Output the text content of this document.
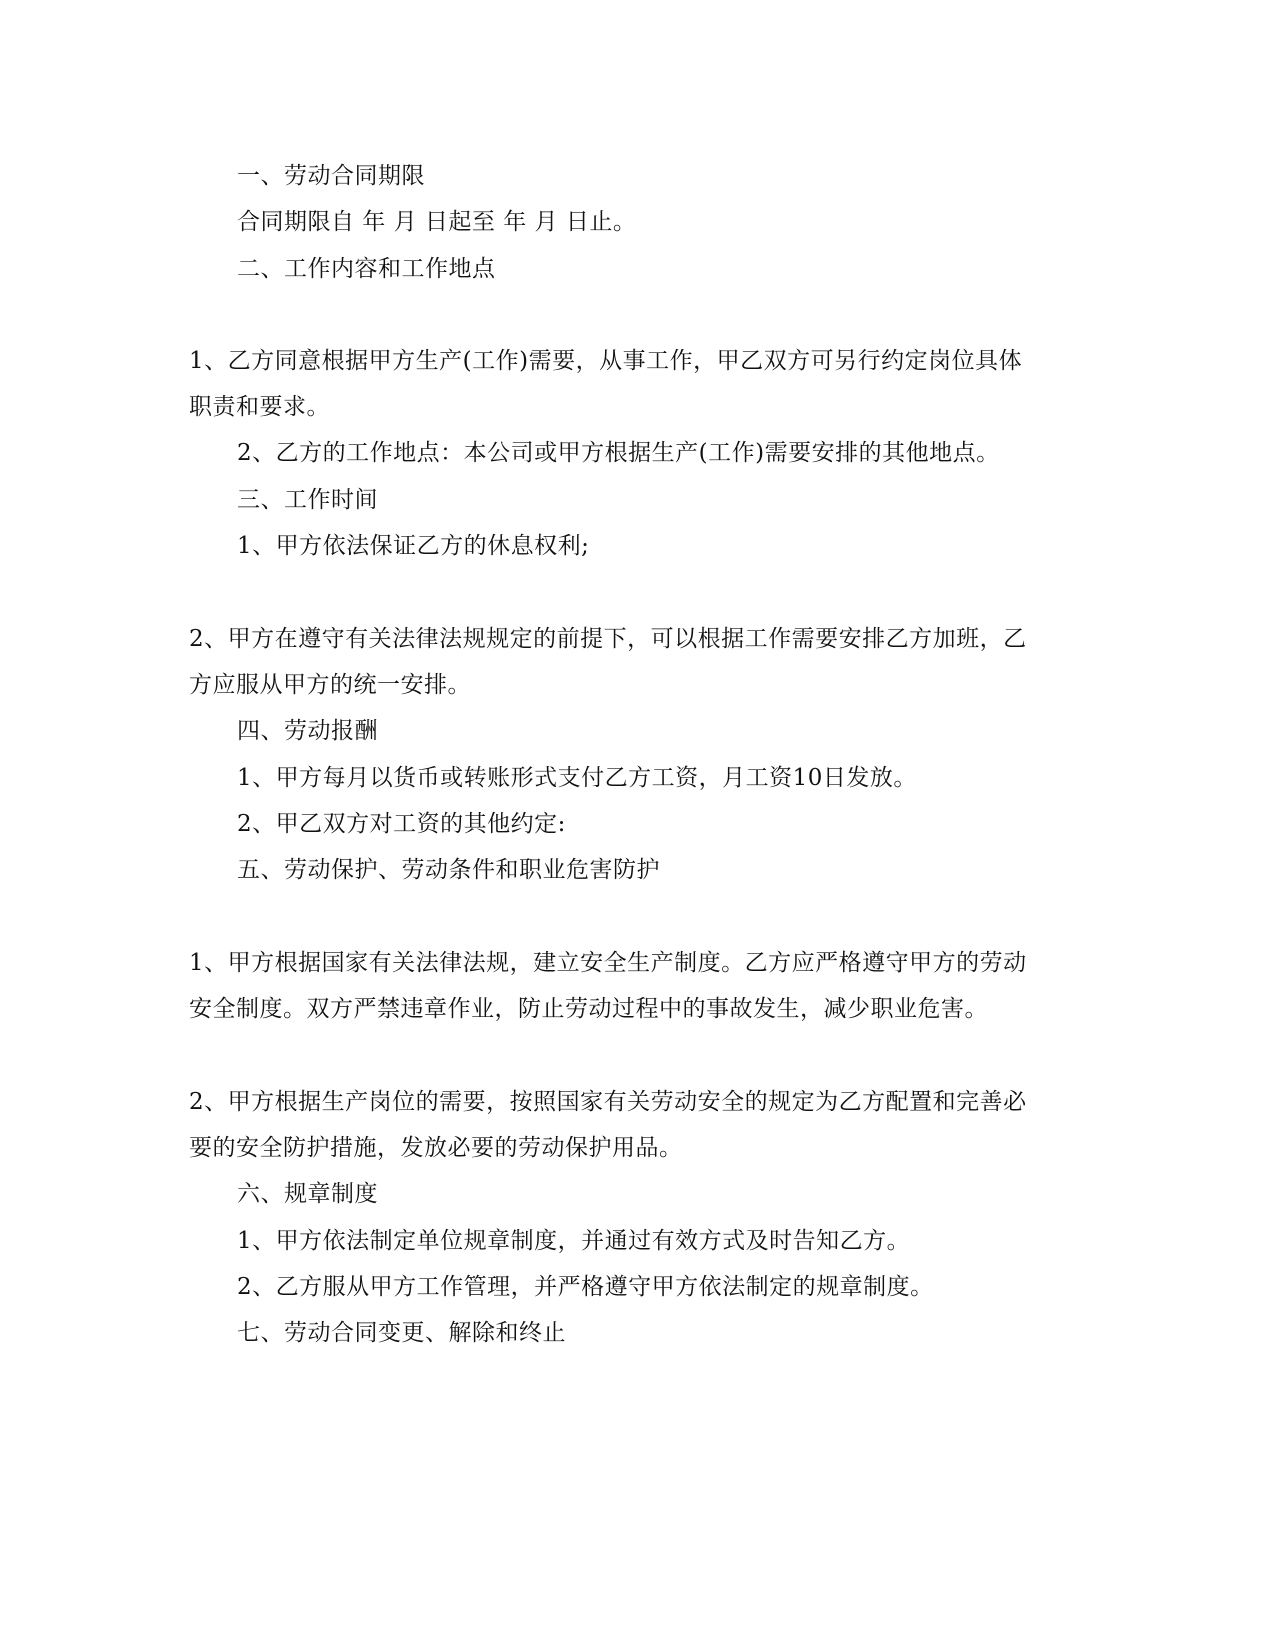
一、劳动合同期限
合同期限自 年 月 日起至 年 月 日止。
二、工作内容和工作地点
1、乙方同意根据甲方生产(工作)需要，从事工作，甲乙双方可另行约定岗位具体
职责和要求。
2、乙方的工作地点：本公司或甲方根据生产(工作)需要安排的其他地点。
三、工作时间
1、甲方依法保证乙方的休息权利;
2、甲方在遵守有关法律法规规定的前提下，可以根据工作需要安排乙方加班，乙
方应服从甲方的统一安排。
四、劳动报酬
1、甲方每月以货币或转账形式支付乙方工资，月工资10日发放。
2、甲乙双方对工资的其他约定:
五、劳动保护、劳动条件和职业危害防护
1、甲方根据国家有关法律法规，建立安全生产制度。乙方应严格遵守甲方的劳动
安全制度。双方严禁违章作业，防止劳动过程中的事故发生，减少职业危害。
2、甲方根据生产岗位的需要，按照国家有关劳动安全的规定为乙方配置和完善必
要的安全防护措施，发放必要的劳动保护用品。
六、规章制度
1、甲方依法制定单位规章制度，并通过有效方式及时告知乙方。
2、乙方服从甲方工作管理，并严格遵守甲方依法制定的规章制度。
七、劳动合同变更、解除和终止
